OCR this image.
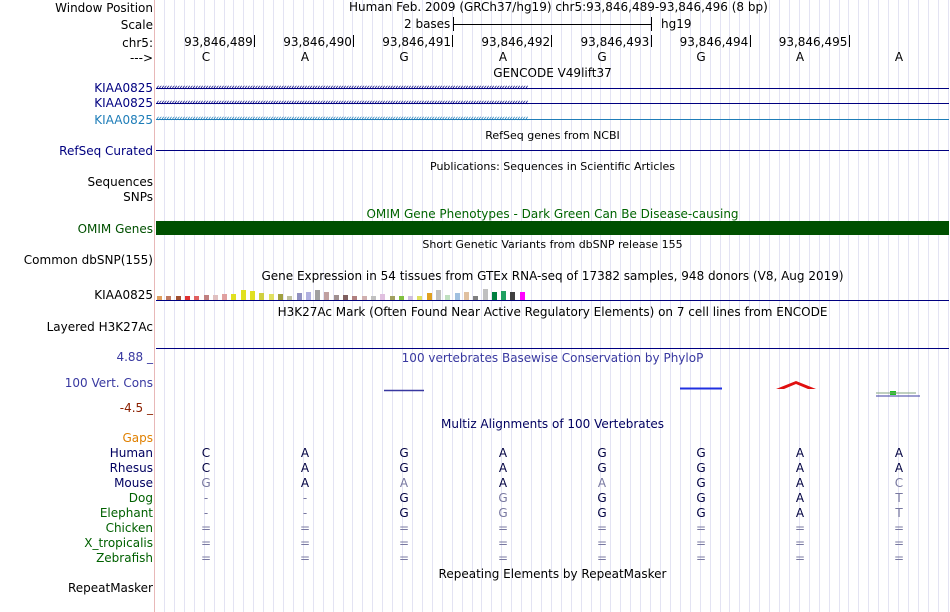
Window Position	Human Feb. 2009 (GRCh37/hg19) chr5:93,846,489-93,846,496 (8 bp)
Scale	2 bases	hg19
chr5:	93,846,489	93,846,490	93,846,491	93,846,492	93,846,493	93,846,494	93,846,495
--->	C	A	G	A	G	G	A	A
GENCODE V49lift37
KIAA0825
KIAA0825
KIAA0825
‹‹‹‹‹‹‹‹‹‹‹‹‹‹‹‹‹‹‹‹‹‹‹‹‹‹‹‹‹‹‹‹‹‹‹‹‹‹‹‹‹‹‹‹‹‹‹‹‹‹‹‹‹‹‹‹‹‹‹‹‹‹‹‹‹‹‹‹‹‹‹‹‹‹‹‹‹‹‹‹‹‹‹‹‹‹‹‹‹‹‹‹‹‹‹‹‹‹‹‹‹‹‹‹‹‹‹‹‹‹‹‹‹‹‹‹‹‹‹‹‹‹‹‹‹‹‹‹‹‹‹‹‹‹‹‹‹‹‹‹‹‹‹
‹‹‹‹‹‹‹‹‹‹‹‹‹‹‹‹‹‹‹‹‹‹‹‹‹‹‹‹‹‹‹‹‹‹‹‹‹‹‹‹‹‹‹‹‹‹‹‹‹‹‹‹‹‹‹‹‹‹‹‹‹‹‹‹‹‹‹‹‹‹‹‹‹‹‹‹‹‹‹‹‹‹‹‹‹‹‹‹‹‹‹‹‹‹‹‹‹‹‹‹‹‹‹‹‹‹‹‹‹‹‹‹‹‹‹‹‹‹‹‹‹‹‹‹‹‹‹‹‹‹‹‹‹‹‹‹‹‹‹‹‹‹‹
‹‹‹‹‹‹‹‹‹‹‹‹‹‹‹‹‹‹‹‹‹‹‹‹‹‹‹‹‹‹‹‹‹‹‹‹‹‹‹‹‹‹‹‹‹‹‹‹‹‹‹‹‹‹‹‹‹‹‹‹‹‹‹‹‹‹‹‹‹‹‹‹‹‹‹‹‹‹‹‹‹‹‹‹‹‹‹‹‹‹‹‹‹‹‹‹‹‹‹‹‹‹‹‹‹‹‹‹‹‹‹‹‹‹‹‹‹‹‹‹‹‹‹‹‹‹‹‹‹‹‹‹‹‹‹‹‹‹‹‹‹‹‹
RefSeq genes from NCBI
RefSeq Curated
Publications: Sequences in Scientific Articles
Sequences
SNPs
OMIM Gene Phenotypes - Dark Green Can Be Disease-causing
OMIM Genes
Short Genetic Variants from dbSNP release 155
Common dbSNP(155)
Gene Expression in 54 tissues from GTEx RNA-seq of 17382 samples, 948 donors (V8, Aug 2019)
KIAA0825
H3K27Ac Mark (Often Found Near Active Regulatory Elements) on 7 cell lines from ENCODE
Layered H3K27Ac
100 vertebrates Basewise Conservation by PhyloP
4.88 _
100 Vert. Cons
-4.5 _
Multiz Alignments of 100 Vertebrates
Gaps
Human	C	A	G	A	G	G	A	A
Rhesus	C	A	G	A	G	G	A	A
Mouse	G	A	A	A	A	G	A	C
Dog	-	-	G	G	G	G	A	T
Elephant	-	-	G	G	G	G	A	T
Chicken	=	=	=	=	=	=	=	=
X_tropicalis	=	=	=	=	=	=	=	=
Zebrafish	=	=	=	=	=	=	=	=
Repeating Elements by RepeatMasker
RepeatMasker
